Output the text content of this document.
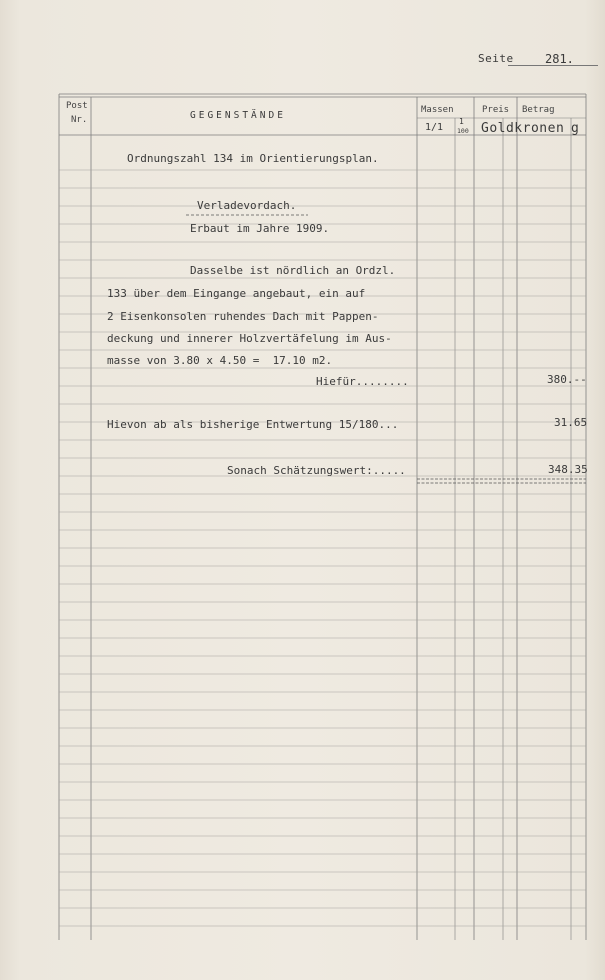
Seite	281.
Post
Nr.	GEGENSTÄNDE	Massen	Preis Betrag
1/1
1
100 Goldkronen g
Ordnungszahl 134 im Orientierungsplan.
Verladevordach.
Erbaut im Jahre 1909.
Dasselbe ist nördlich an Ordzl.
133 über dem Eingange angebaut, ein auf
2 Eisenkonsolen ruhendes Dach mit Pappen-
deckung und innerer Holzvertäfelung im Aus-
masse von 3.80 x 4.50 =  17.10 m2.
Hiefür........	380.--
Hievon ab als bisherige Entwertung 15/180...	31.65
Sonach Schätzungswert:.....	348.35
